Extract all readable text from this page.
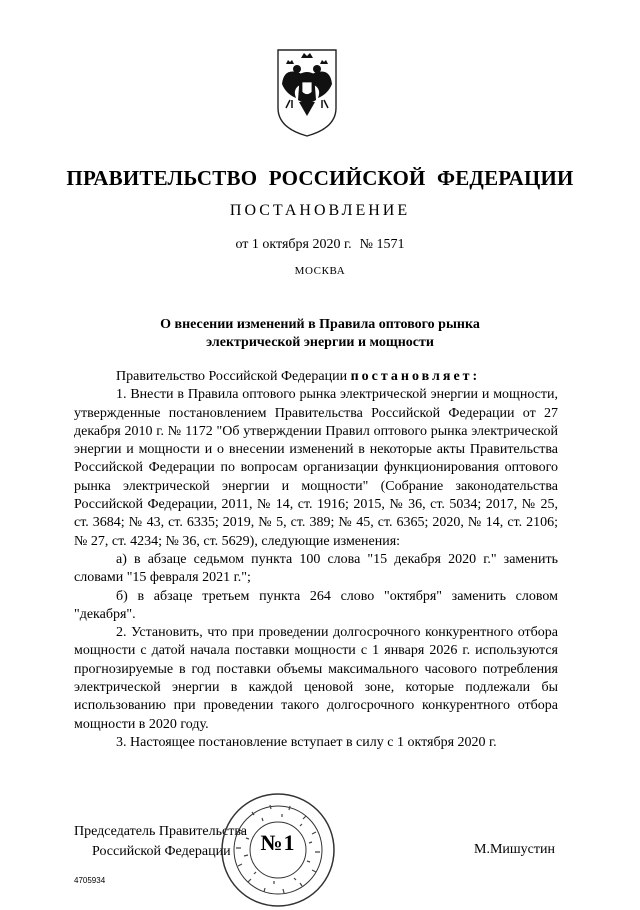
ПРАВИТЕЛЬСТВО РОССИЙСКОЙ ФЕДЕРАЦИИ
ПОСТАНОВЛЕНИЕ
от 1 октября 2020 г. № 1571
МОСКВА
О внесении изменений в Правила оптового рынка
электрической энергии и мощности

Правительство Российской Федерации постановляет:

1. Внести в Правила оптового рынка электрической энергии и мощности, утвержденные постановлением Правительства Российской Федерации от 27 декабря 2010 г. № 1172 "Об утверждении Правил оптового рынка электрической энергии и мощности и о внесении изменений в некоторые акты Правительства Российской Федерации по вопросам организации функционирования оптового рынка электрической энергии и мощности" (Собрание законодательства Российской Федерации, 2011, № 14, ст. 1916; 2015, № 36, ст. 5034; 2017, № 25, ст. 3684; № 43, ст. 6335; 2019, № 5, ст. 389; № 45, ст. 6365; 2020, № 14, ст. 2106; № 27, ст. 4234; № 36, ст. 5629), следующие изменения:

а) в абзаце седьмом пункта 100 слова "15 декабря 2020 г." заменить словами "15 февраля 2021 г.";

б) в абзаце третьем пункта 264 слово "октября" заменить словом "декабря".

2. Установить, что при проведении долгосрочного конкурентного отбора мощности с датой начала поставки мощности с 1 января 2026 г. используются прогнозируемые в год поставки объемы максимального часового потребления электрической энергии в каждой ценовой зоне, которые подлежали бы использованию при проведении такого долгосрочного конкурентного отбора мощности в 2020 году.

3. Настоящее постановление вступает в силу с 1 октября 2020 г.

Председатель Правительства
Российской Федерации	№1	М.Мишустин
4705934
